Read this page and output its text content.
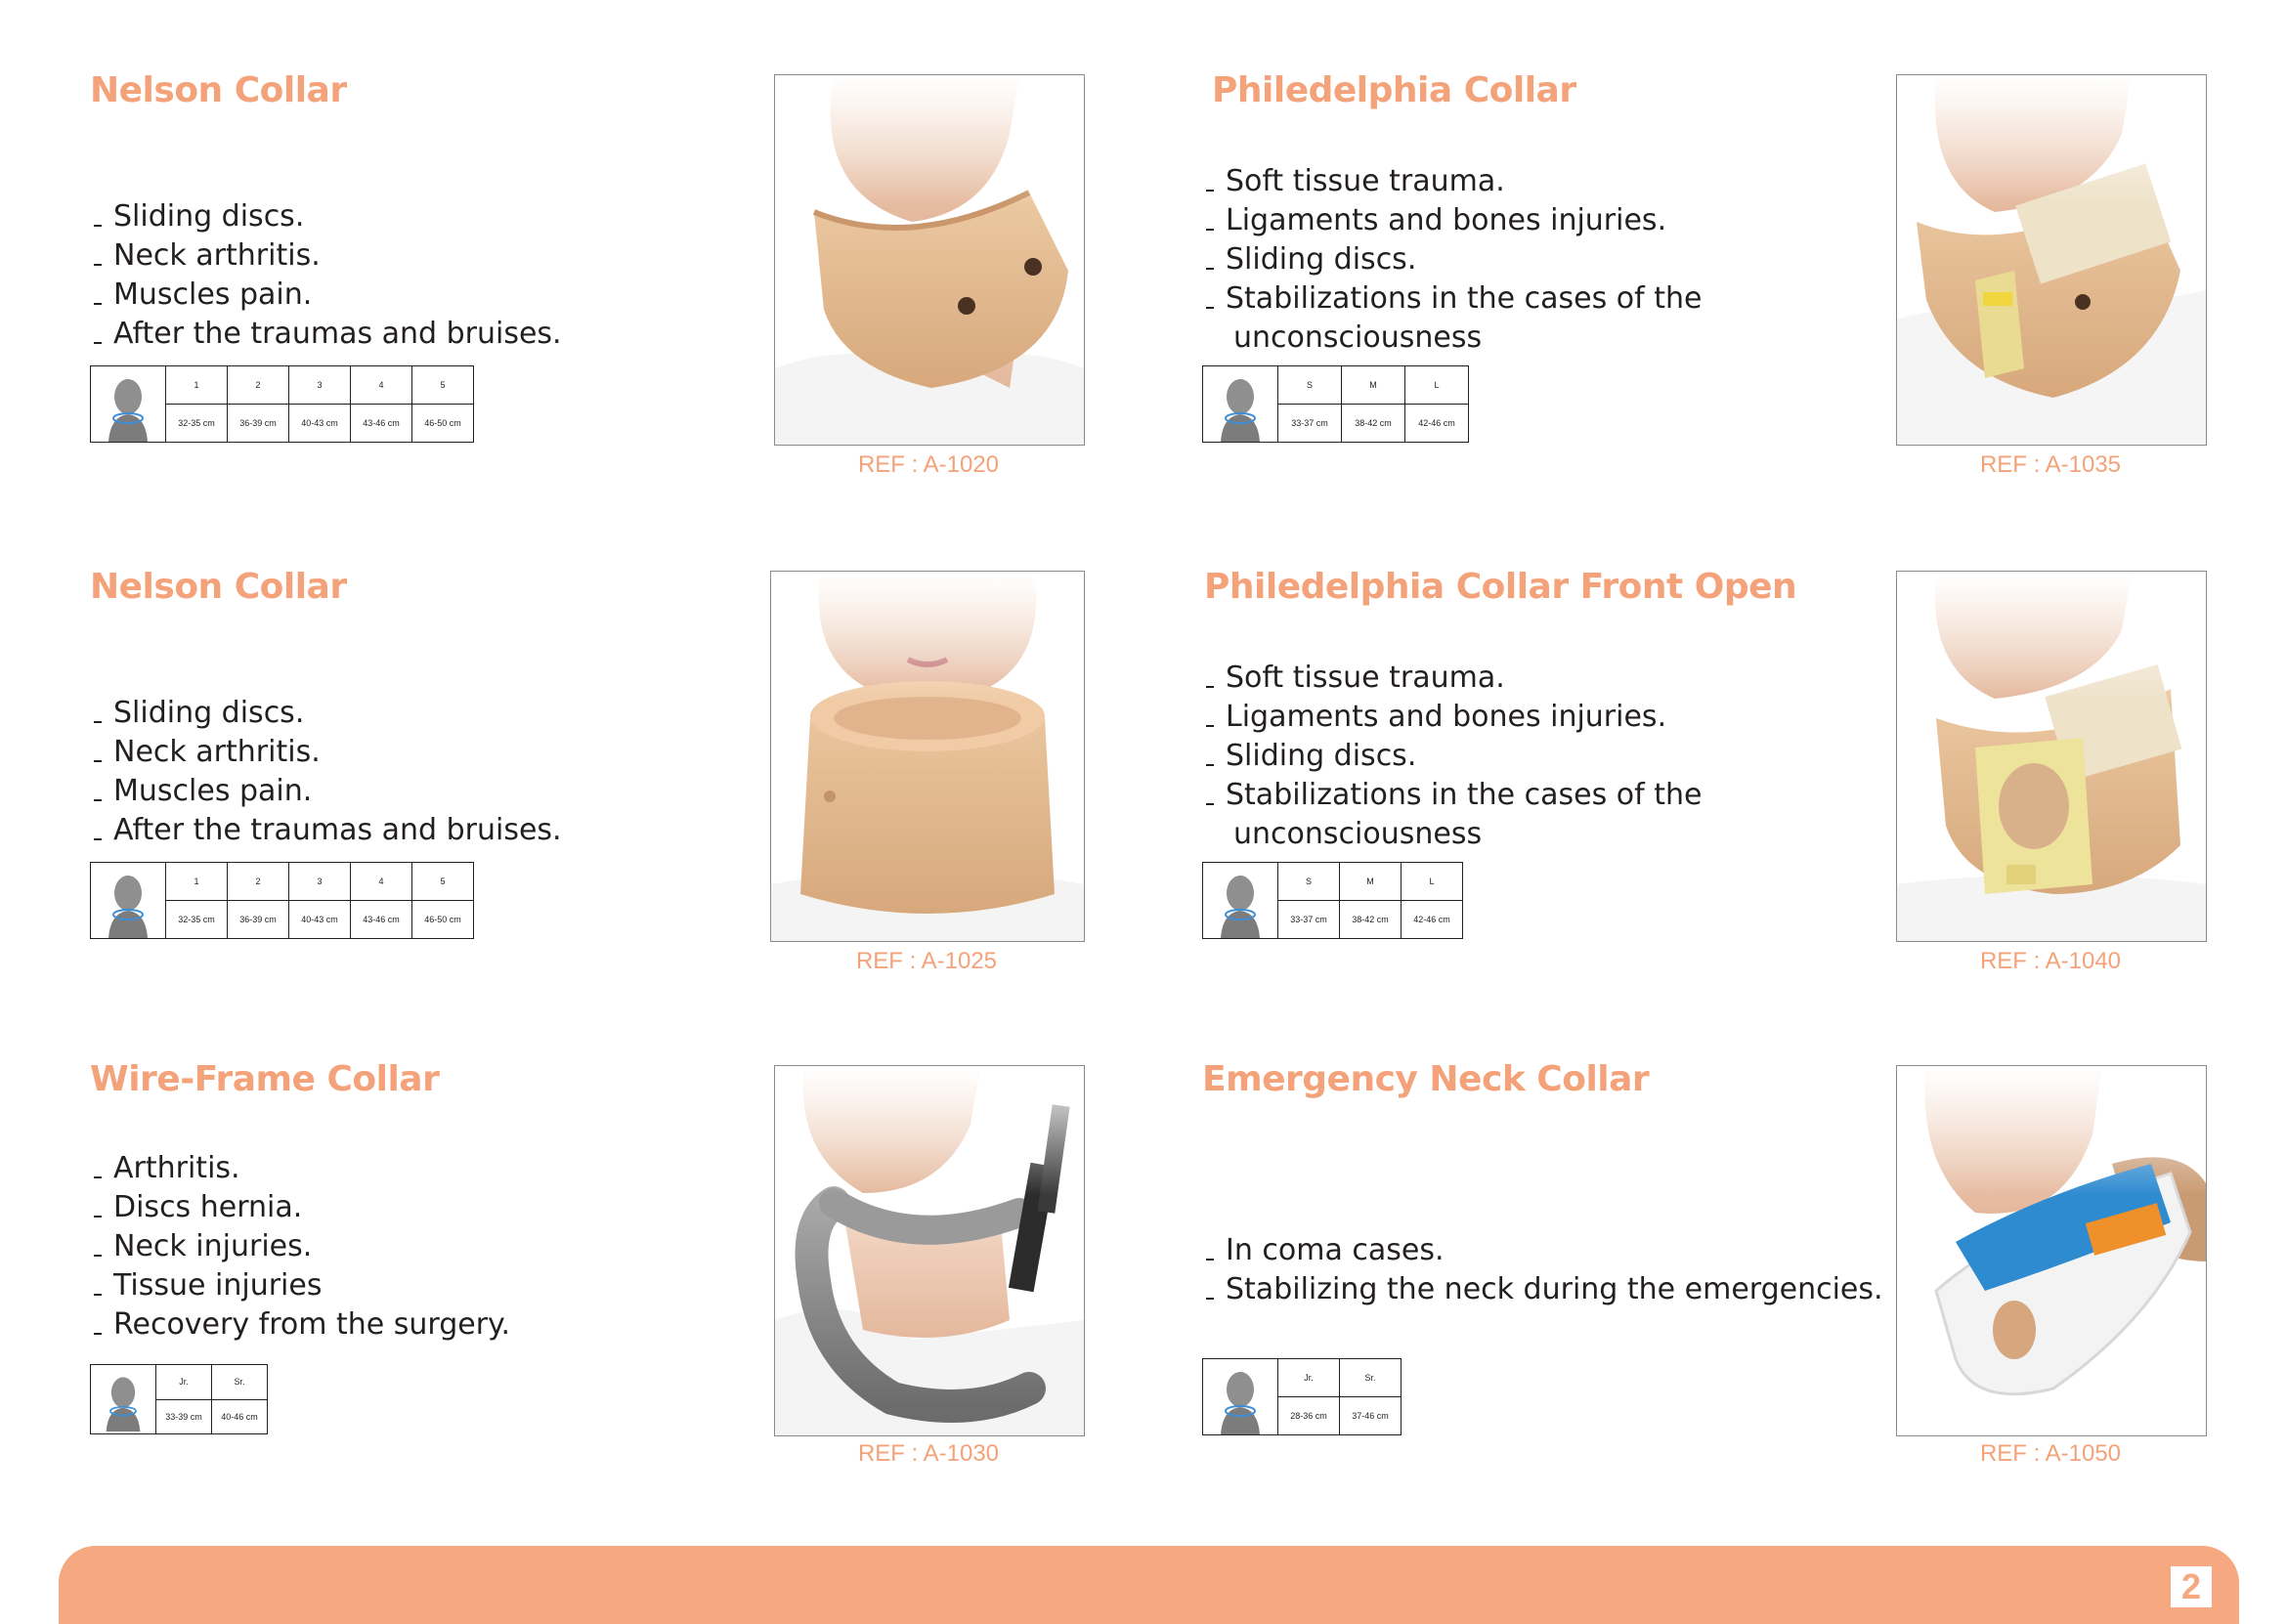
Nelson Collar
Sliding discs.
Neck arthritis.
Muscles pain.
After the traumas and bruises.
	1	2	3	4	5
	32-35 cm	36-39 cm	40-43 cm	43-46 cm	46-50 cm
REF : A-1020
Philedelphia Collar
Soft tissue trauma.
Ligaments and bones injuries.
Sliding discs.
Stabilizations in the cases of the
unconsciousness
	S	M	L
	33-37 cm	38-42 cm	42-46 cm
REF : A-1035
Nelson Collar
Sliding discs.
Neck arthritis.
Muscles pain.
After the traumas and bruises.
	1	2	3	4	5
	32-35 cm	36-39 cm	40-43 cm	43-46 cm	46-50 cm
REF : A-1025
Philedelphia Collar Front Open
Soft tissue trauma.
Ligaments and bones injuries.
Sliding discs.
Stabilizations in the cases of the
unconsciousness
	S	M	L
	33-37 cm	38-42 cm	42-46 cm
REF : A-1040
Wire-Frame Collar
Arthritis.
Discs hernia.
Neck injuries.
Tissue injuries
Recovery from the surgery.
	Jr.	Sr.
	33-39 cm	40-46 cm
REF : A-1030
Emergency Neck Collar
In coma cases.
Stabilizing the neck during the emergencies.
	Jr.	Sr.
	28-36 cm	37-46 cm
REF : A-1050
2
